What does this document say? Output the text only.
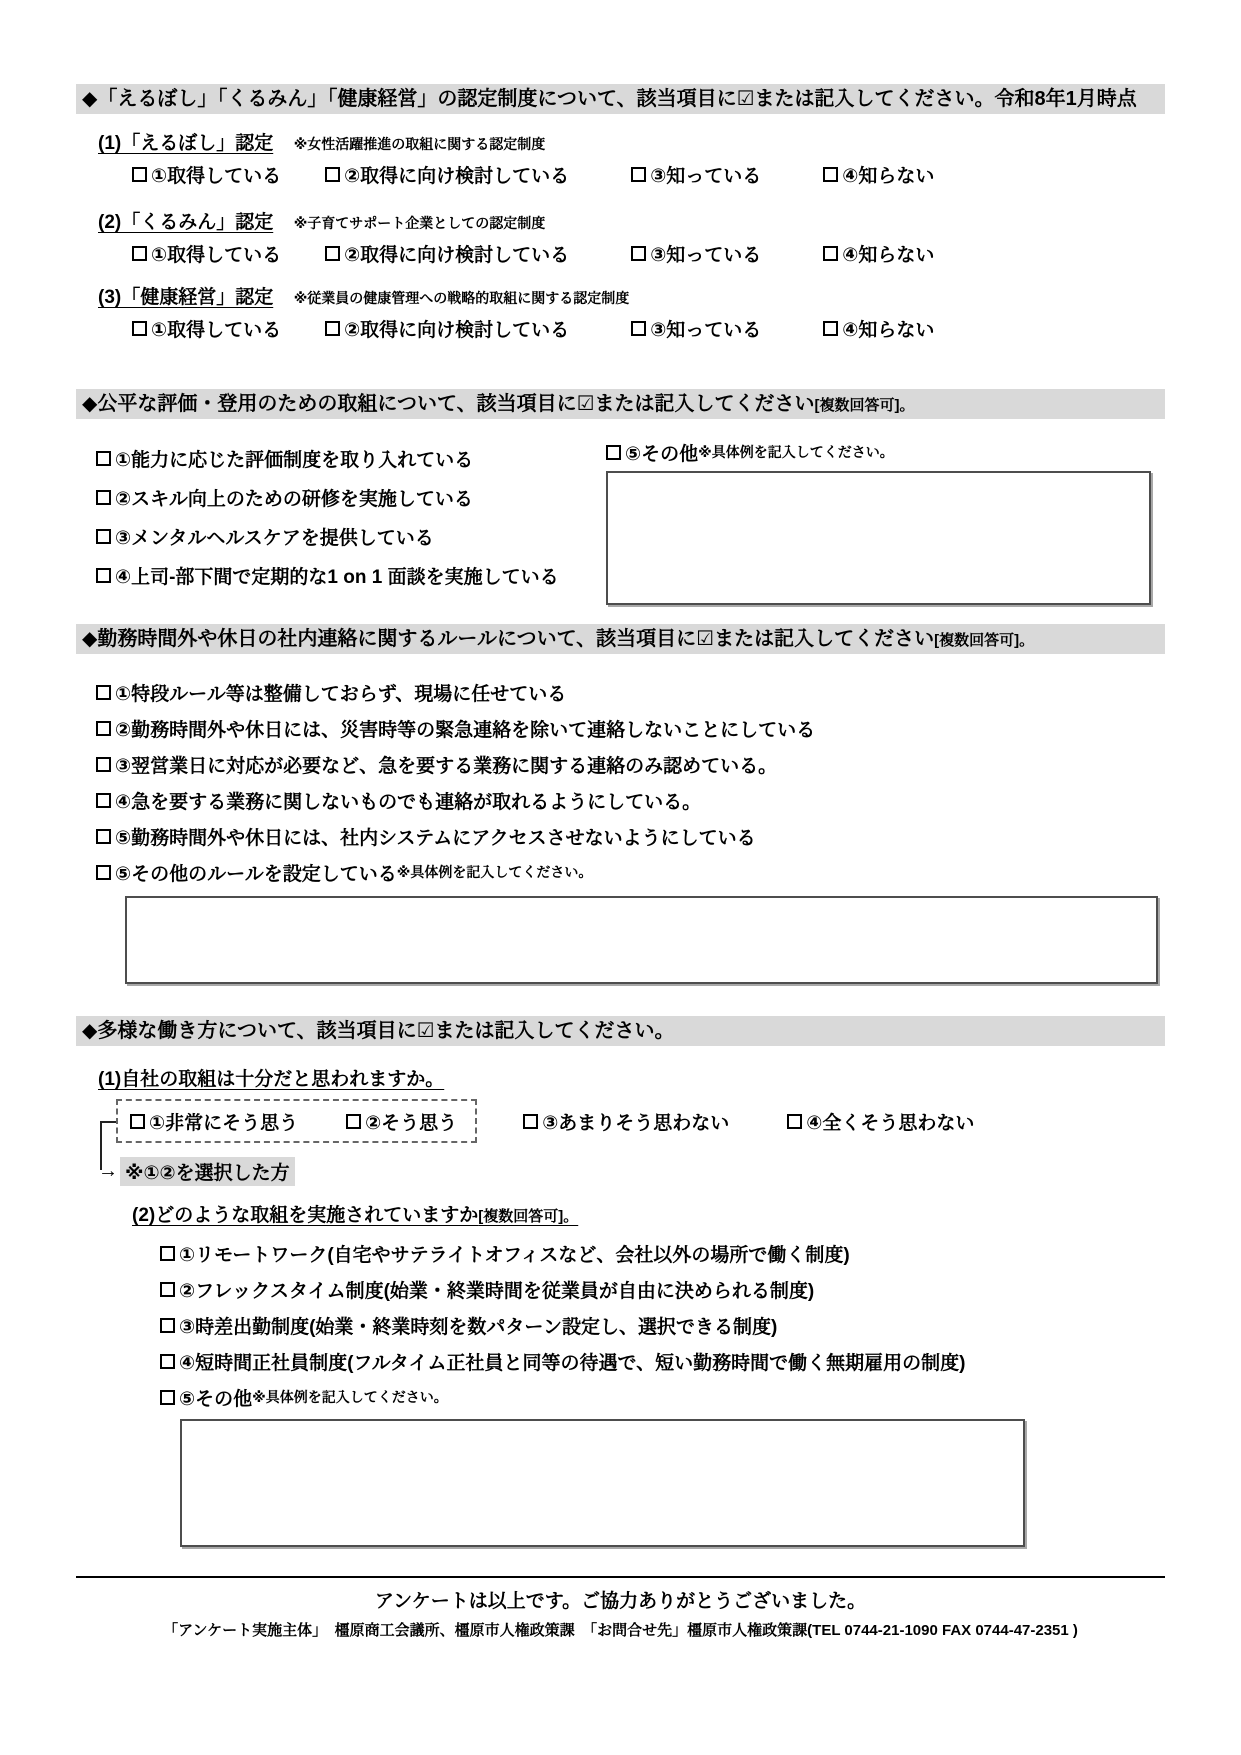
◆「えるぼし」「くるみん」「健康経営」の認定制度について、該当項目に☑または記入してください。令和8年1月時点
(1)「えるぼし」認定 ※女性活躍推進の取組に関する認定制度
①取得している	②取得に向け検討している	③知っている	④知らない
(2)「くるみん」認定 ※子育てサポート企業としての認定制度
①取得している	②取得に向け検討している	③知っている	④知らない
(3)「健康経営」認定 ※従業員の健康管理への戦略的取組に関する認定制度
①取得している	②取得に向け検討している	③知っている	④知らない
◆公平な評価・登用のための取組について、該当項目に☑または記入してください[複数回答可]。
①能力に応じた評価制度を取り入れている
②スキル向上のための研修を実施している
③メンタルヘルスケアを提供している
④上司-部下間で定期的な1 on 1 面談を実施している
⑤その他 ※具体例を記入してください。
◆勤務時間外や休日の社内連絡に関するルールについて、該当項目に☑または記入してください[複数回答可]。
①特段ルール等は整備しておらず、現場に任せている
②勤務時間外や休日には、災害時等の緊急連絡を除いて連絡しないことにしている
③翌営業日に対応が必要など、急を要する業務に関する連絡のみ認めている。
④急を要する業務に関しないものでも連絡が取れるようにしている。
⑤勤務時間外や休日には、社内システムにアクセスさせないようにしている
⑤その他のルールを設定している ※具体例を記入してください。
◆多様な働き方について、該当項目に☑または記入してください。
(1)自社の取組は十分だと思われますか。
①非常にそう思う	②そう思う	③あまりそう思わない	④全くそう思わない
→ ※①②を選択した方
(2)どのような取組を実施されていますか[複数回答可]。
①リモートワーク(自宅やサテライトオフィスなど、会社以外の場所で働く制度)
②フレックスタイム制度(始業・終業時間を従業員が自由に決められる制度)
③時差出勤制度(始業・終業時刻を数パターン設定し、選択できる制度)
④短時間正社員制度(フルタイム正社員と同等の待遇で、短い勤務時間で働く無期雇用の制度)
⑤その他 ※具体例を記入してください。
アンケートは以上です。ご協力ありがとうございました。
「アンケート実施主体」　橿原商工会議所、橿原市人権政策課　「お問合せ先」橿原市人権政策課(TEL 0744-21-1090 FAX 0744-47-2351 )
